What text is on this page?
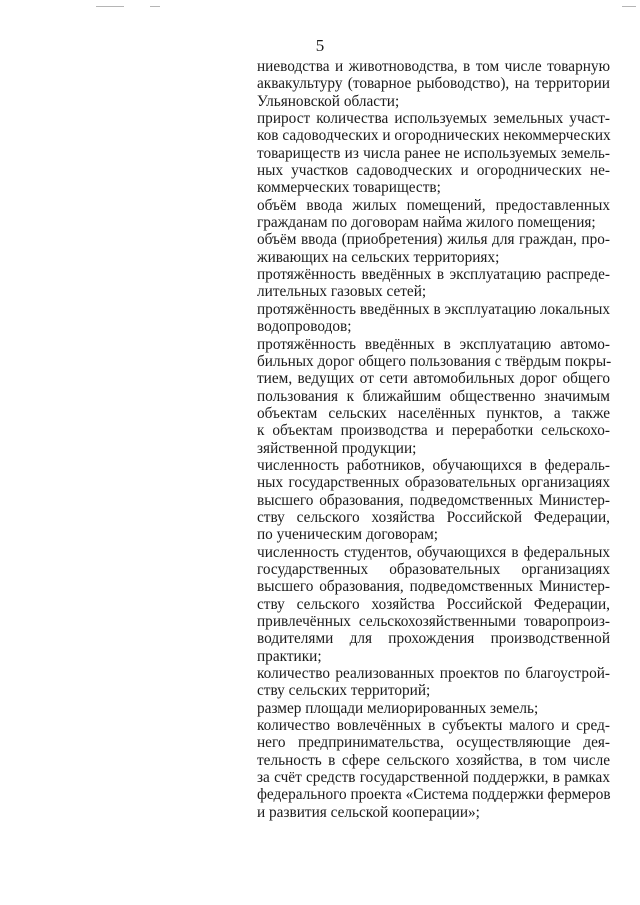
5
ниеводства и животноводства, в том числе товарную
аквакультуру (товарное рыбоводство), на территории
Ульяновской области;
прирост количества используемых земельных участ-
ков садоводческих и огороднических некоммерческих
товариществ из числа ранее не используемых земель-
ных участков садоводческих и огороднических не-
коммерческих товариществ;
объём ввода жилых помещений, предоставленных
гражданам по договорам найма жилого помещения;
объём ввода (приобретения) жилья для граждан, про-
живающих на сельских территориях;
протяжённость введённых в эксплуатацию распреде-
лительных газовых сетей;
протяжённость введённых в эксплуатацию локальных
водопроводов;
протяжённость введённых в эксплуатацию автомо-
бильных дорог общего пользования с твёрдым покры-
тием, ведущих от сети автомобильных дорог общего
пользования к ближайшим общественно значимым
объектам сельских населённых пунктов, а также
к объектам производства и переработки сельскохо-
зяйственной продукции;
численность работников, обучающихся в федераль-
ных государственных образовательных организациях
высшего образования, подведомственных Министер-
ству сельского хозяйства Российской Федерации,
по ученическим договорам;
численность студентов, обучающихся в федеральных
государственных образовательных организациях
высшего образования, подведомственных Министер-
ству сельского хозяйства Российской Федерации,
привлечённых сельскохозяйственными товаропроиз-
водителями для прохождения производственной
практики;
количество реализованных проектов по благоустрой-
ству сельских территорий;
размер площади мелиорированных земель;
количество вовлечённых в субъекты малого и сред-
него предпринимательства, осуществляющие дея-
тельность в сфере сельского хозяйства, в том числе
за счёт средств государственной поддержки, в рамках
федерального проекта «Система поддержки фермеров
и развития сельской кооперации»;
